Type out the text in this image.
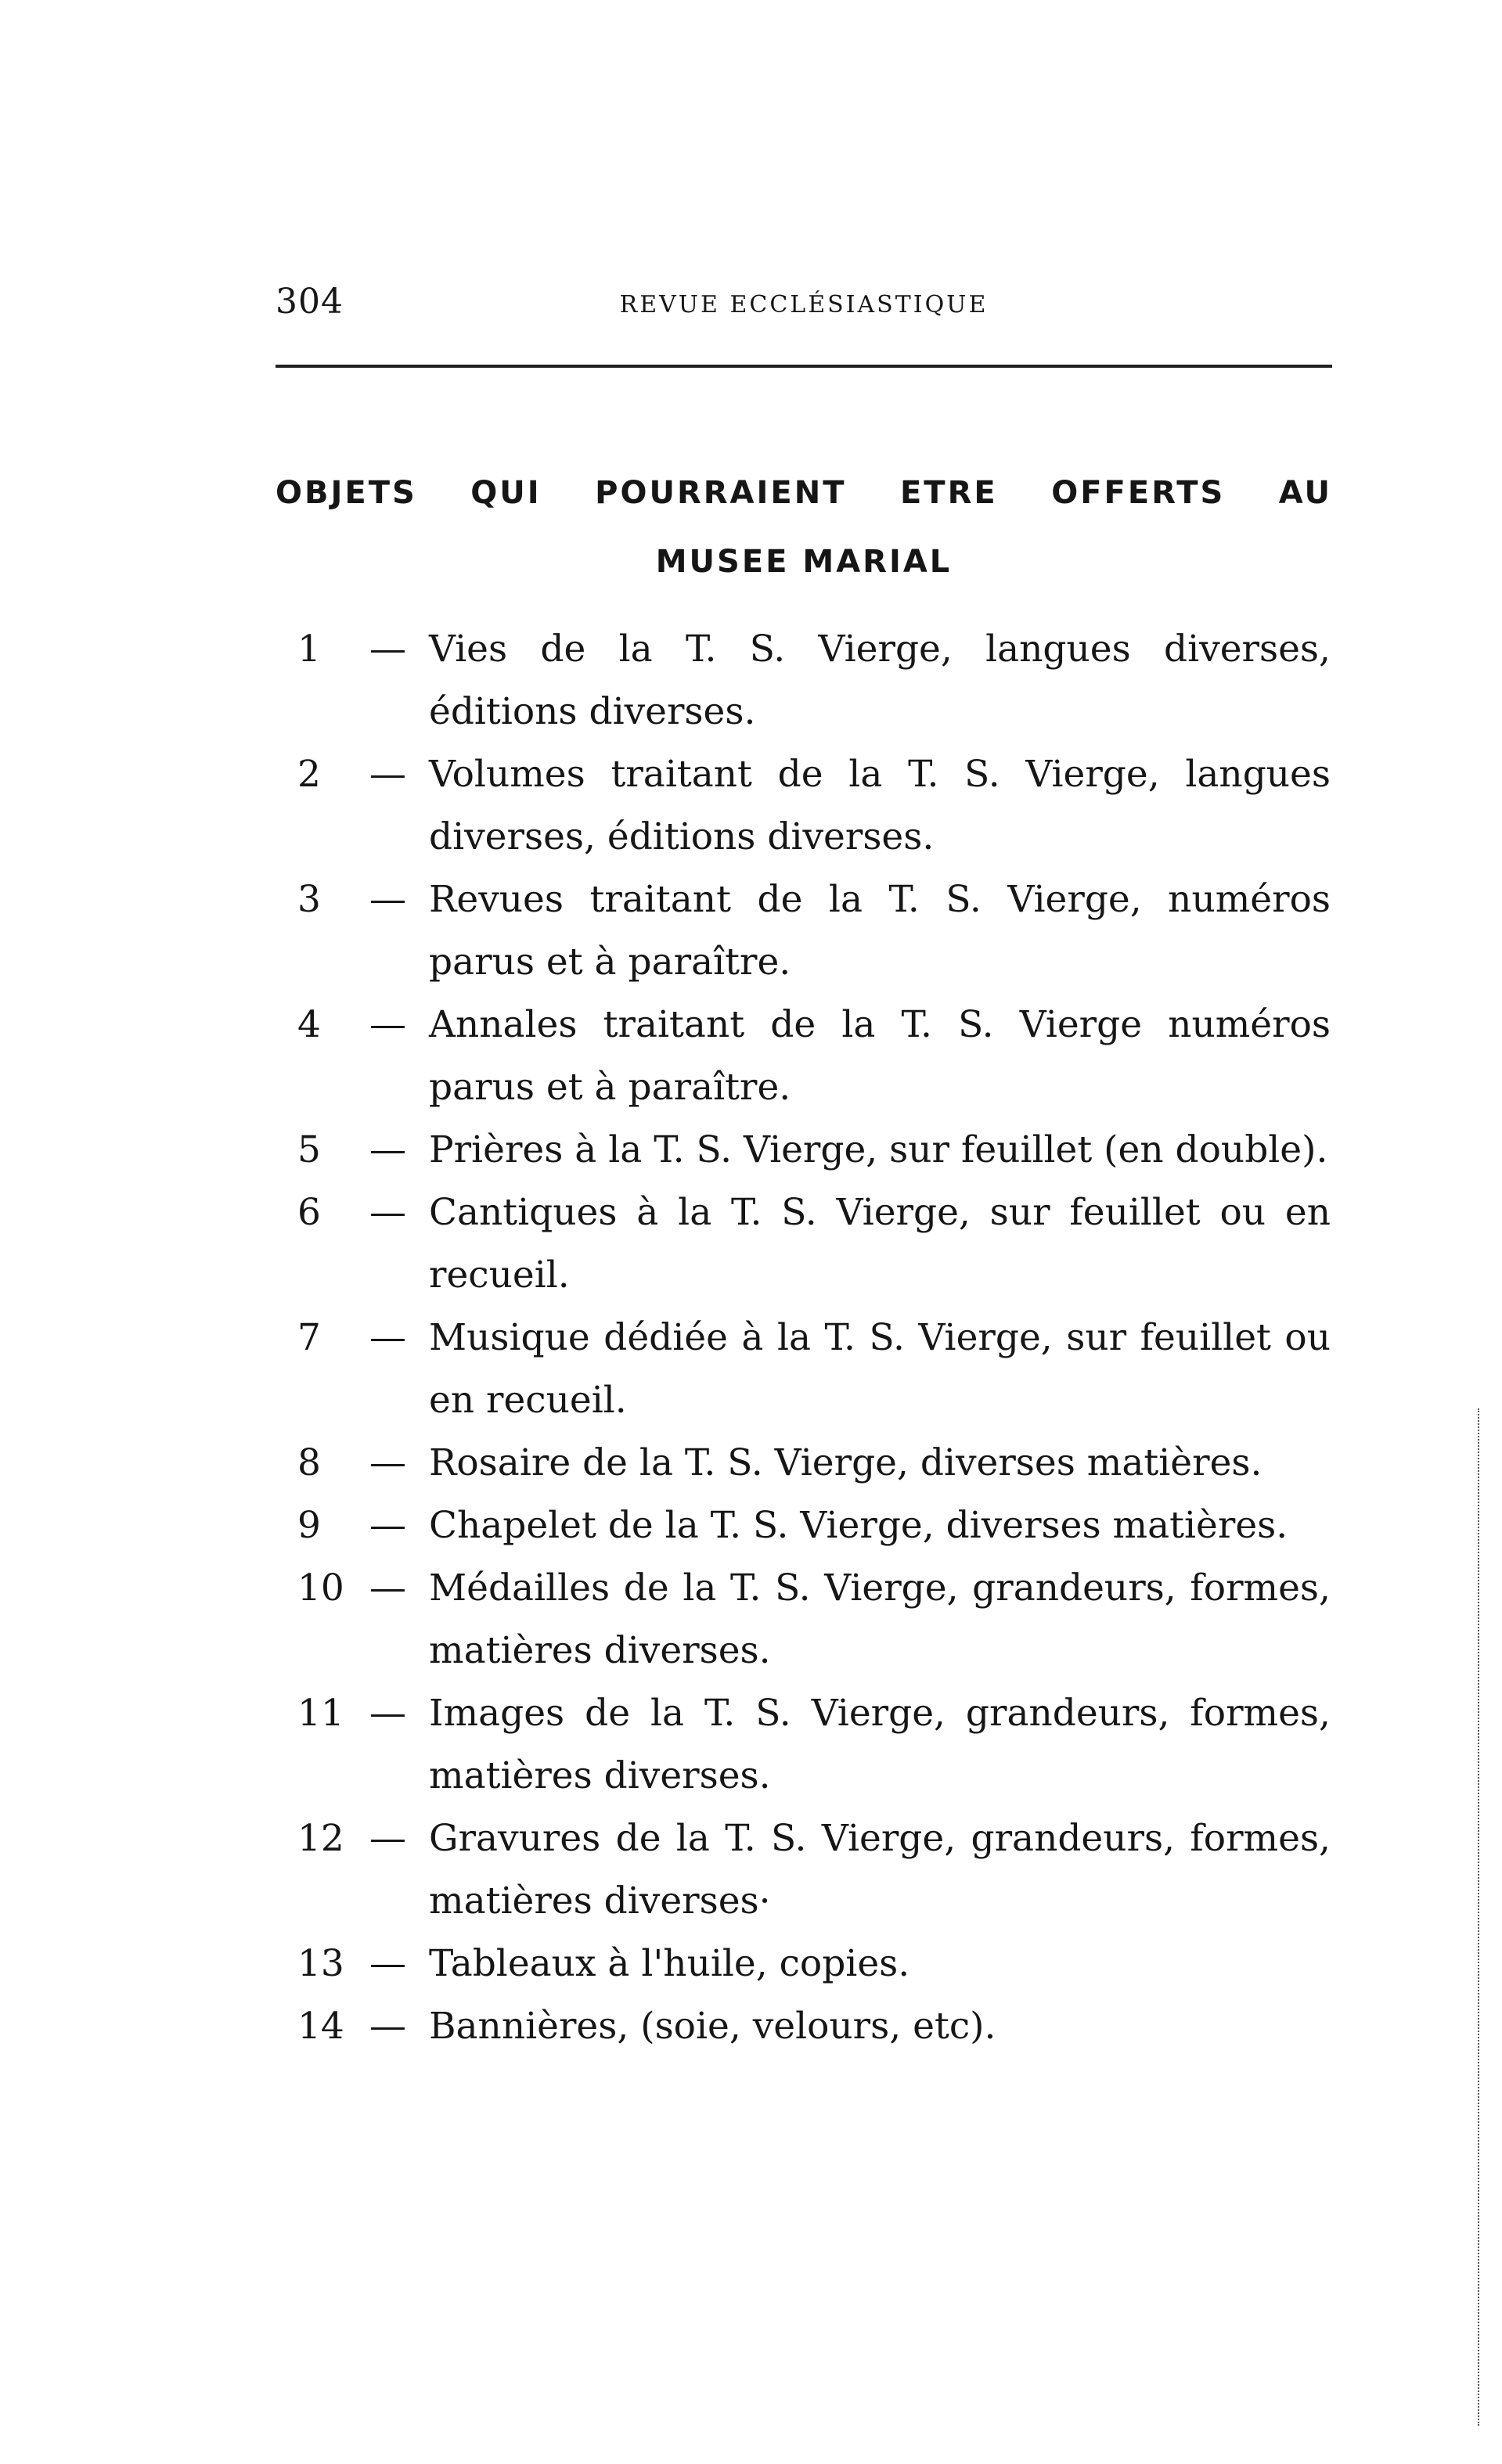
304	REVUE ECCLÉSIASTIQUE
OBJETS QUI POURRAIENT ETRE OFFERTS AU
MUSEE MARIAL
1	— Vies de la T. S. Vierge, langues diverses, éditions diverses.
2	— Volumes traitant de la T. S. Vierge, langues diverses, éditions diverses.
3	— Revues traitant de la T. S. Vierge, numéros parus et à paraître.
4	— Annales traitant de la T. S. Vierge numéros parus et à paraître.
5	— Prières à la T. S. Vierge, sur feuillet (en double).
6	— Cantiques à la T. S. Vierge, sur feuillet ou en recueil.
7	— Musique dédiée à la T. S. Vierge, sur feuillet ou en recueil.
8	— Rosaire de la T. S. Vierge, diverses matières.
9	— Chapelet de la T. S. Vierge, diverses matières.
10 — Médailles de la T. S. Vierge, grandeurs, formes, matières diverses.
11 — Images de la T. S. Vierge, grandeurs, formes, matières diverses.
12 — Gravures de la T. S. Vierge, grandeurs, formes, matières diverses·
13 — Tableaux à l'huile, copies.
14 — Bannières, (soie, velours, etc).
